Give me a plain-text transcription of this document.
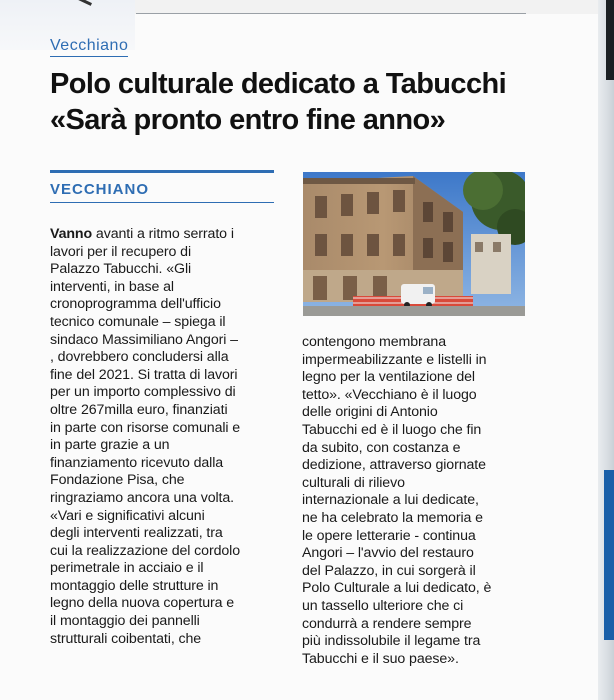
Vecchiano
Polo culturale dedicato a Tabucchi
«Sarà pronto entro fine anno»
VECCHIANO
Vanno avanti a ritmo serrato i
lavori per il recupero di
Palazzo Tabucchi. «Gli
interventi, in base al
cronoprogramma dell'ufficio
tecnico comunale – spiega il
sindaco Massimiliano Angori –
, dovrebbero concludersi alla
fine del 2021. Si tratta di lavori
per un importo complessivo di
oltre 267milla euro, finanziati
in parte con risorse comunali e
in parte grazie a un
finanziamento ricevuto dalla
Fondazione Pisa, che
ringraziamo ancora una volta.
«Vari e significativi alcuni
degli interventi realizzati, tra
cui la realizzazione del cordolo
perimetrale in acciaio e il
montaggio delle strutture in
legno della nuova copertura e
il montaggio dei pannelli
strutturali coibentati, che
contengono membrana
impermeabilizzante e listelli in
legno per la ventilazione del
tetto». «Vecchiano è il luogo
delle origini di Antonio
Tabucchi ed è il luogo che fin
da subito, con costanza e
dedizione, attraverso giornate
culturali di rilievo
internazionale a lui dedicate,
ne ha celebrato la memoria e
le opere letterarie - continua
Angori – l'avvio del restauro
del Palazzo, in cui sorgerà il
Polo Culturale a lui dedicato, è
un tassello ulteriore che ci
condurrà a rendere sempre
più indissolubile il legame tra
Tabucchi e il suo paese».
